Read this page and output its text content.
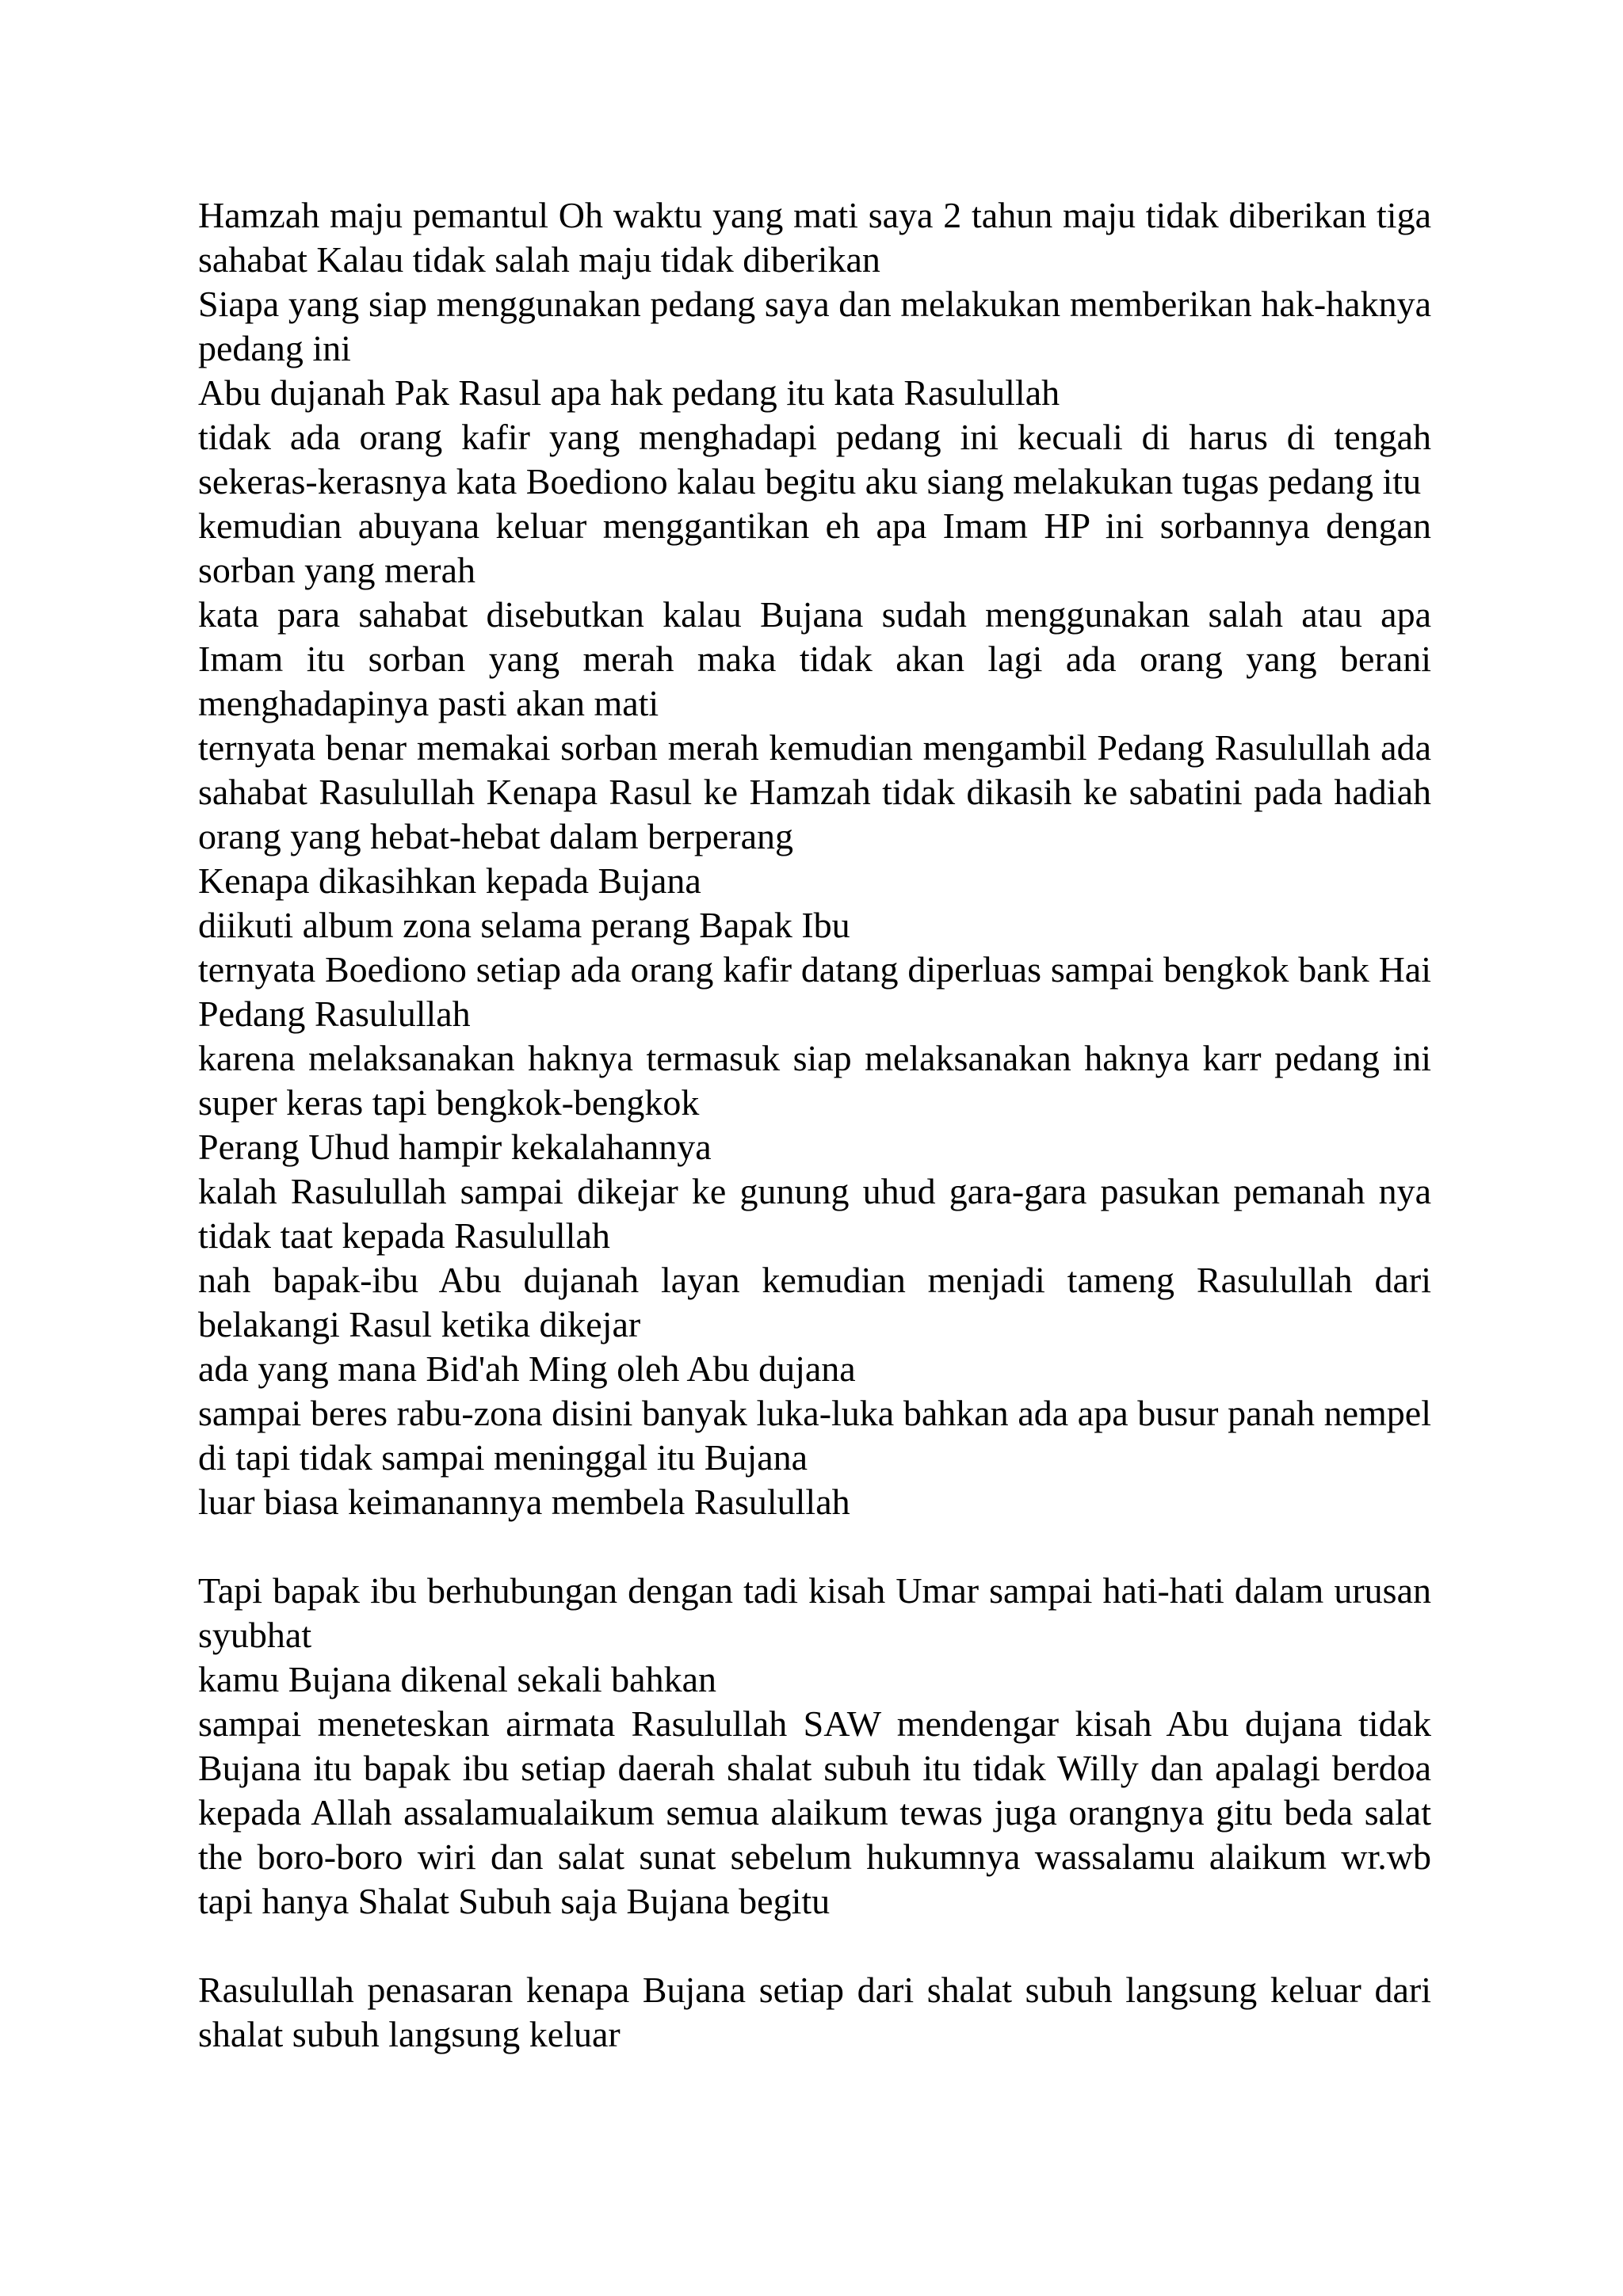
Hamzah maju pemantul Oh waktu yang mati saya 2 tahun maju tidak diberikan tiga sahabat Kalau tidak salah maju tidak diberikan

Siapa yang siap menggunakan pedang saya dan melakukan memberikan hak-haknya pedang ini

Abu dujanah Pak Rasul apa hak pedang itu kata Rasulullah

tidak ada orang kafir yang menghadapi pedang ini kecuali di harus di tengah sekeras-kerasnya kata Boediono kalau begitu aku siang melakukan tugas pedang itu

kemudian abuyana keluar menggantikan eh apa Imam HP ini sorbannya dengan sorban yang merah

kata para sahabat disebutkan kalau Bujana sudah menggunakan salah atau apa Imam itu sorban yang merah maka tidak akan lagi ada orang yang berani menghadapinya pasti akan mati

ternyata benar memakai sorban merah kemudian mengambil Pedang Rasulullah ada sahabat Rasulullah Kenapa Rasul ke Hamzah tidak dikasih ke sabatini pada hadiah orang yang hebat-hebat dalam berperang

Kenapa dikasihkan kepada Bujana

diikuti album zona selama perang Bapak Ibu

ternyata Boediono setiap ada orang kafir datang diperluas sampai bengkok bank Hai Pedang Rasulullah

karena melaksanakan haknya termasuk siap melaksanakan haknya karr pedang ini super keras tapi bengkok-bengkok

Perang Uhud hampir kekalahannya

kalah Rasulullah sampai dikejar ke gunung uhud gara-gara pasukan pemanah nya tidak taat kepada Rasulullah

nah bapak-ibu Abu dujanah layan kemudian menjadi tameng Rasulullah dari belakangi Rasul ketika dikejar

ada yang mana Bid'ah Ming oleh Abu dujana

sampai beres rabu-zona disini banyak luka-luka bahkan ada apa busur panah nempel di tapi tidak sampai meninggal itu Bujana

luar biasa keimanannya membela Rasulullah

Tapi bapak ibu berhubungan dengan tadi kisah Umar sampai hati-hati dalam urusan syubhat

kamu Bujana dikenal sekali bahkan

sampai meneteskan airmata Rasulullah SAW mendengar kisah Abu dujana tidak Bujana itu bapak ibu setiap daerah shalat subuh itu tidak Willy dan apalagi berdoa kepada Allah assalamualaikum semua alaikum tewas juga orangnya gitu beda salat the boro-boro wiri dan salat sunat sebelum hukumnya wassalamu alaikum wr.wb tapi hanya Shalat Subuh saja Bujana begitu

Rasulullah penasaran kenapa Bujana setiap dari shalat subuh langsung keluar dari shalat subuh langsung keluar
